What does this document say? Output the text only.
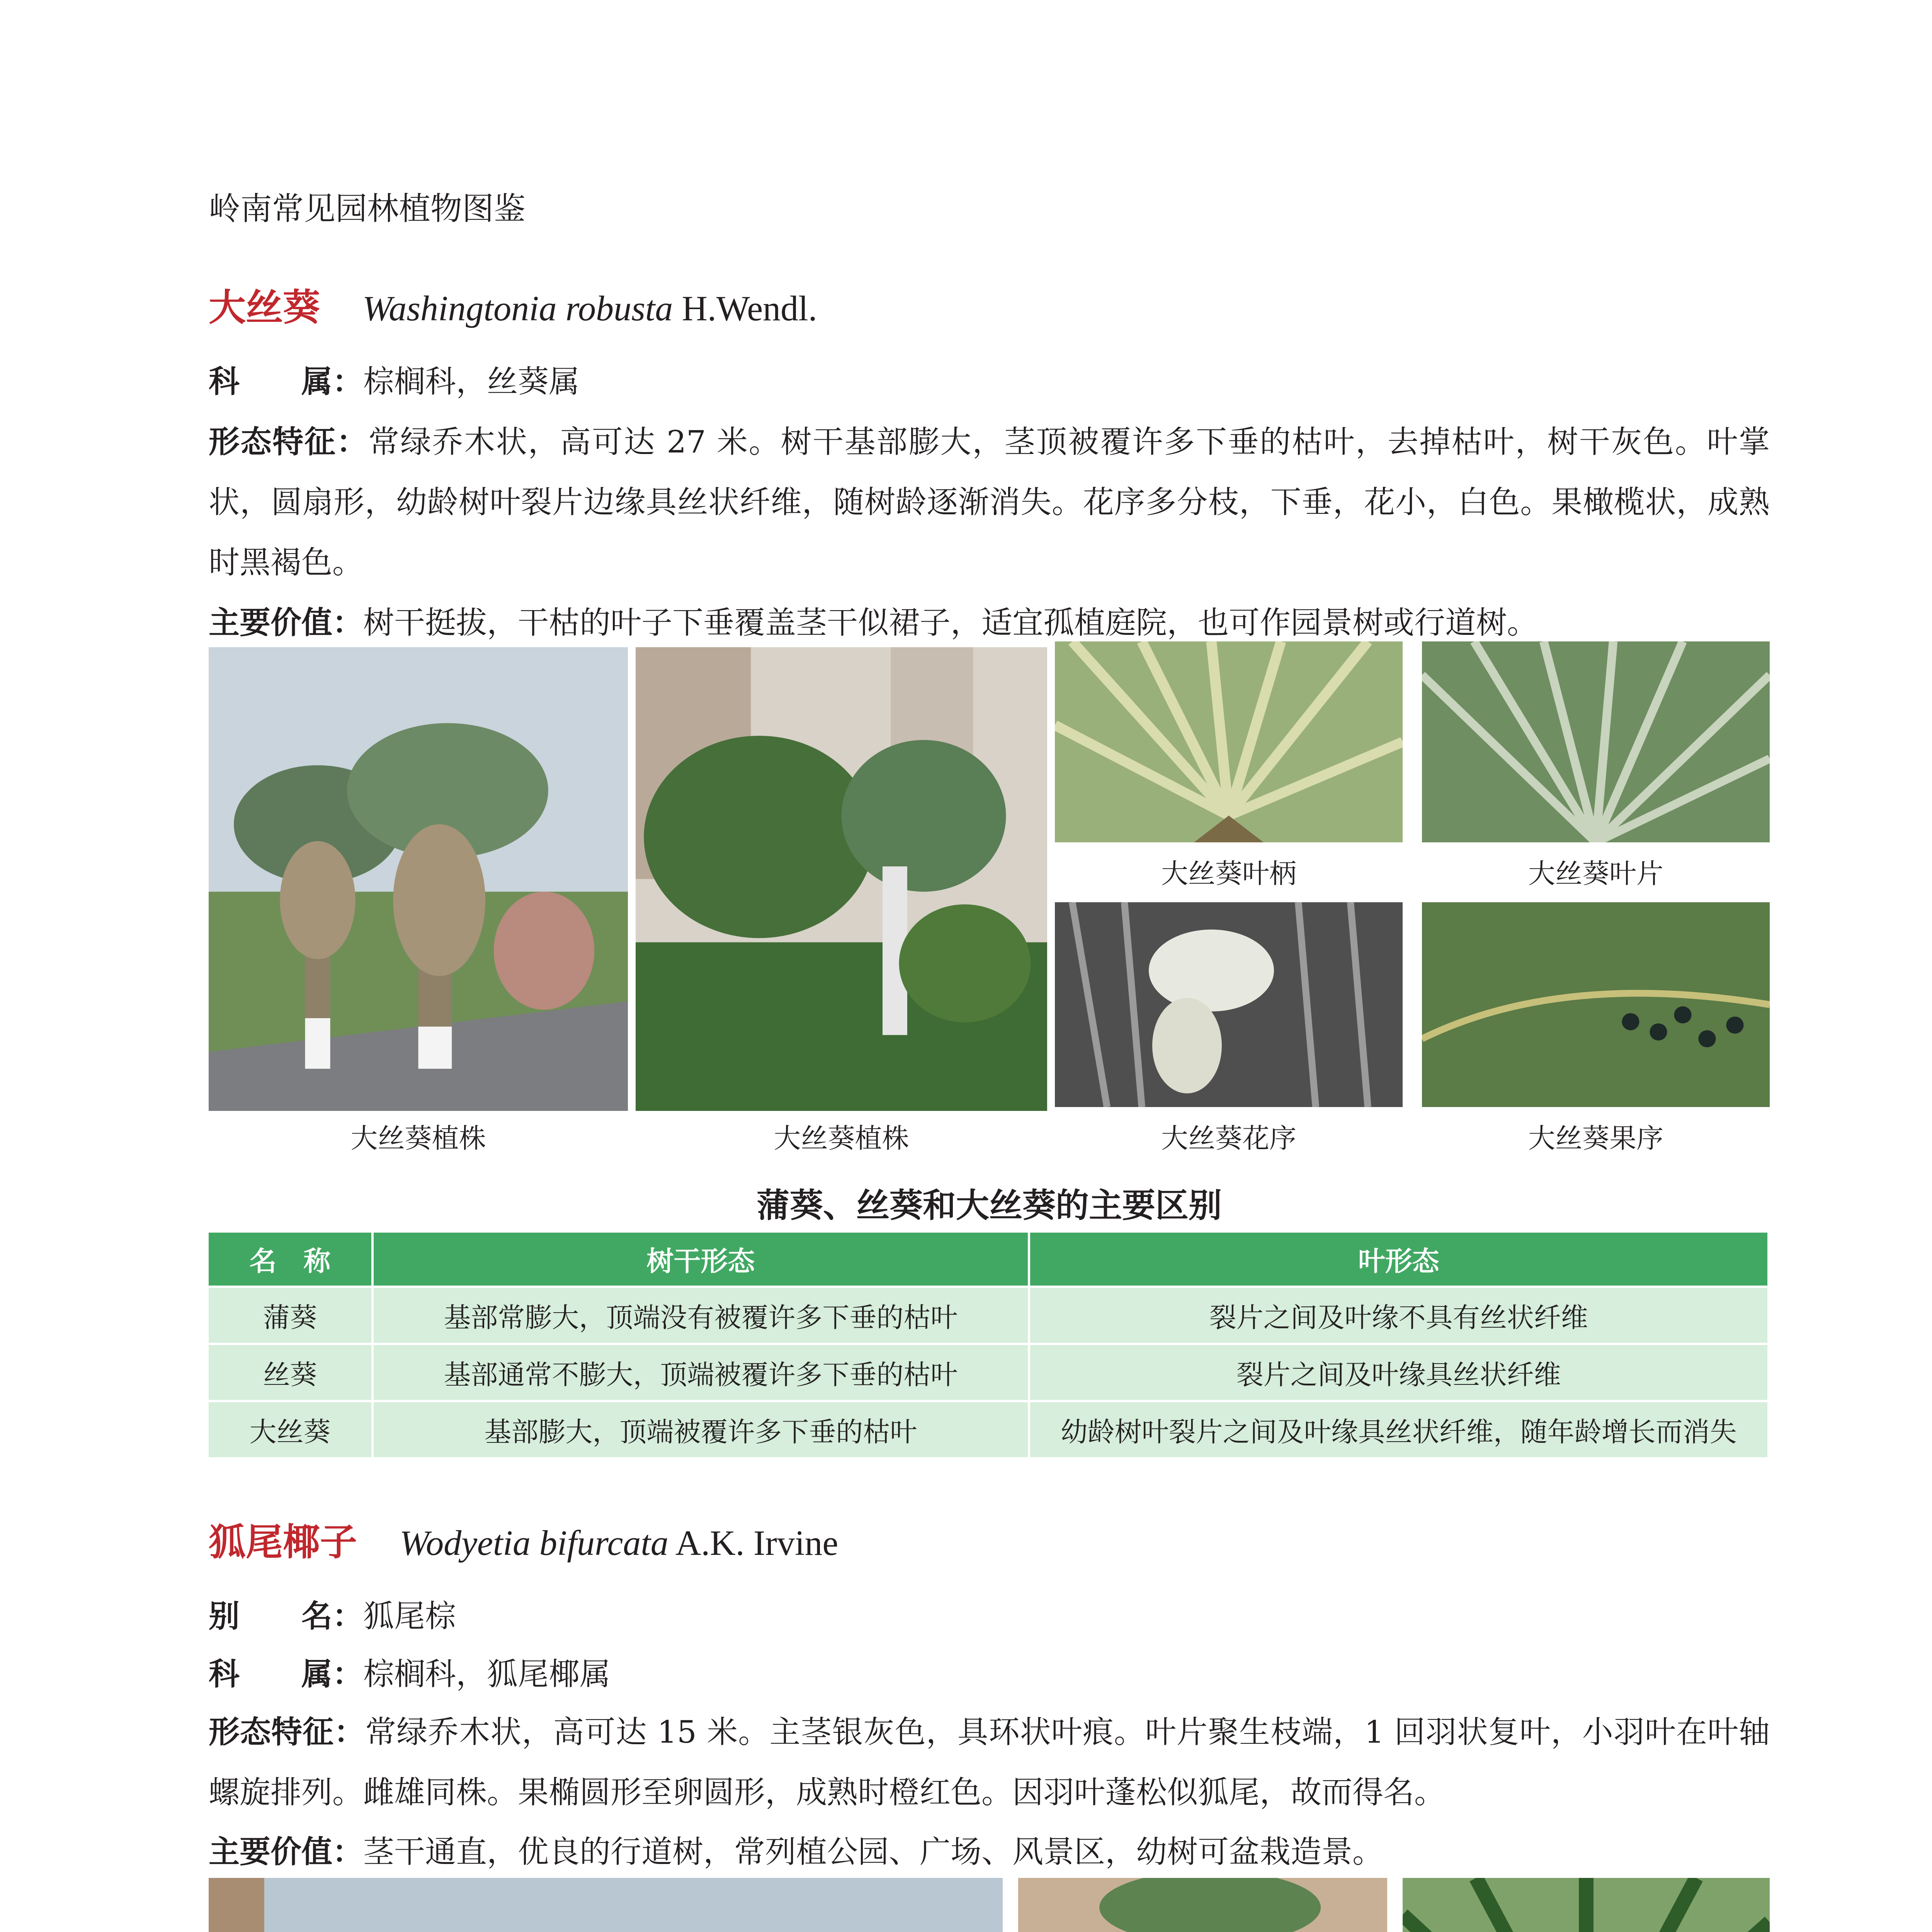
岭南常见园林植物图鉴
大丝葵 Washingtonia robusta H.Wendl.
科　　属：棕榈科，丝葵属
形态特征：常绿乔木状，高可达 27 米。树干基部膨大，茎顶被覆许多下垂的枯叶，去掉枯叶，树干灰色。叶掌状，圆扇形，幼龄树叶裂片边缘具丝状纤维，随树龄逐渐消失。花序多分枝，下垂，花小，白色。果橄榄状，成熟时黑褐色。
主要价值：树干挺拔，干枯的叶子下垂覆盖茎干似裙子，适宜孤植庭院，也可作园景树或行道树。
大丝葵叶柄	大丝葵叶片
大丝葵植株	大丝葵植株	大丝葵花序	大丝葵果序
蒲葵、丝葵和大丝葵的主要区别
名　称	树干形态	叶形态
蒲葵	基部常膨大，顶端没有被覆许多下垂的枯叶	裂片之间及叶缘不具有丝状纤维
丝葵	基部通常不膨大，顶端被覆许多下垂的枯叶	裂片之间及叶缘具丝状纤维
大丝葵	基部膨大，顶端被覆许多下垂的枯叶	幼龄树叶裂片之间及叶缘具丝状纤维，随年龄增长而消失
狐尾椰子 Wodyetia bifurcata A.K. Irvine
别　　名：狐尾棕
科　　属：棕榈科，狐尾椰属
形态特征：常绿乔木状，高可达 15 米。主茎银灰色，具环状叶痕。叶片聚生枝端，1 回羽状复叶，小羽叶在叶轴螺旋排列。雌雄同株。果椭圆形至卵圆形，成熟时橙红色。因羽叶蓬松似狐尾，故而得名。
主要价值：茎干通直，优良的行道树，常列植公园、广场、风景区，幼树可盆栽造景。
